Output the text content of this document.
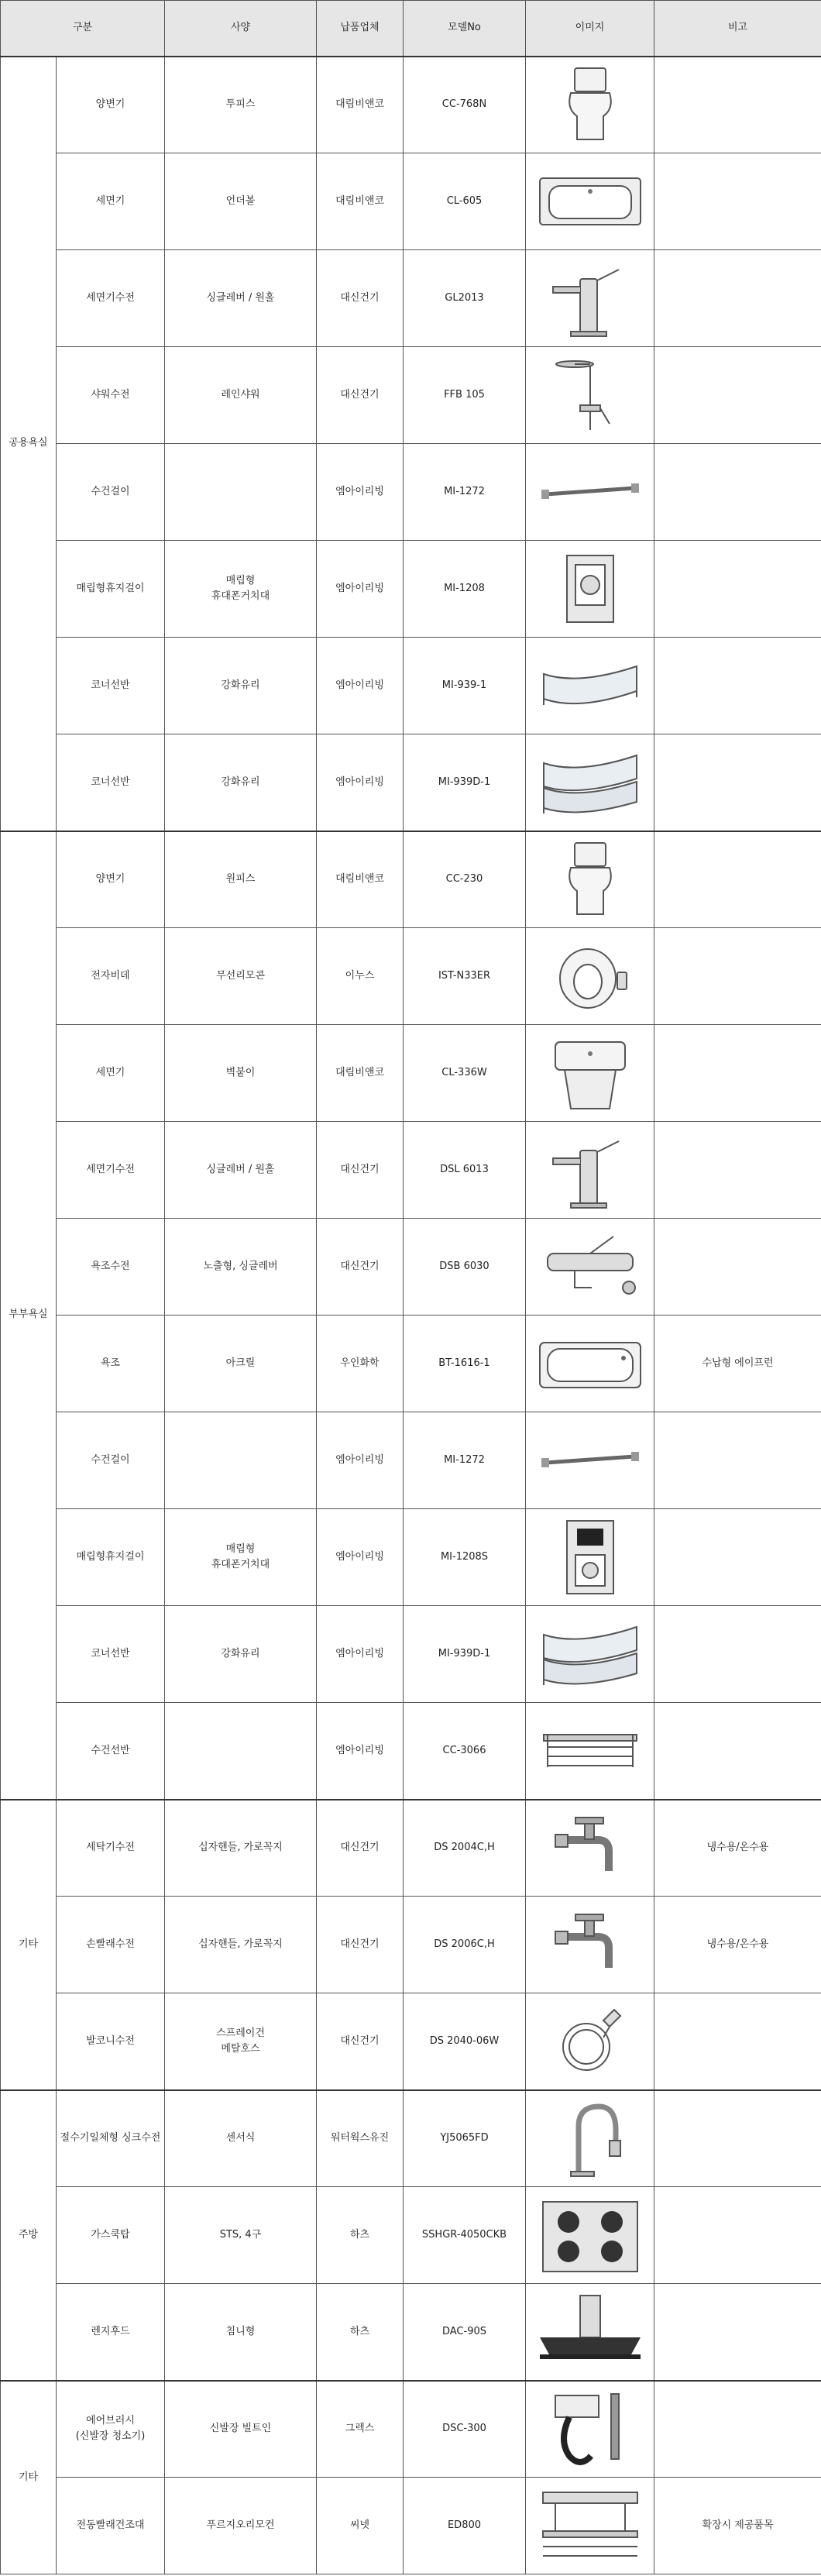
구분		사양	납품업체	모델No	이미지	비고
공용욕실	양변기	투피스	대림비앤코	CC-768N	

	세면기	언더볼	대림비앤코	CL-605	

	세면기수전	싱글레버 / 원홀	대신건기	GL2013	

	샤워수전	레인샤워	대신건기	FFB 105	

	수건걸이		엠아이리빙	MI-1272	

	매립형휴지걸이	매립형
휴대폰거치대	엠아이리빙	MI-1208	

	코너선반	강화유리	엠아이리빙	MI-939-1	

	코너선반	강화유리	엠아이리빙	MI-939D-1	

부부욕실	양변기	원피스	대림비앤코	CC-230	

	전자비데	무선리모콘	이누스	IST-N33ER	

	세면기	벽붙이	대림비앤코	CL-336W	

	세면기수전	싱글레버 / 원홀	대신건기	DSL 6013	

	욕조수전	노출형, 싱글레버	대신건기	DSB 6030	

	욕조	아크릴	우인화학	BT-1616-1		수납형 에이프런
	수건걸이		엠아이리빙	MI-1272	

	매립형휴지걸이	매립형
휴대폰거치대	엠아이리빙	MI-1208S	

	코너선반	강화유리	엠아이리빙	MI-939D-1	

	수건선반		엠아이리빙	CC-3066	

기타	세탁기수전	십자핸들, 가로꼭지	대신건기	DS 2004C,H		냉수용/온수용
	손빨래수전	십자핸들, 가로꼭지	대신건기	DS 2006C,H		냉수용/온수용
	발코니수전	스프레이건
메탈호스	대신건기	DS 2040-06W	

주방	절수기일체형 싱크수전	센서식	워터웍스유진	YJ5065FD	

	가스쿡탑	STS, 4구	하츠	SSHGR-4050CKB	

	렌지후드	침니형	하츠	DAC-90S	

기타	에어브러시
(신발장 청소기)	신발장 빌트인	그렉스	DSC-300	

	전동빨래건조대	푸르지오리모컨	씨넷	ED800		확장시 제공품목
